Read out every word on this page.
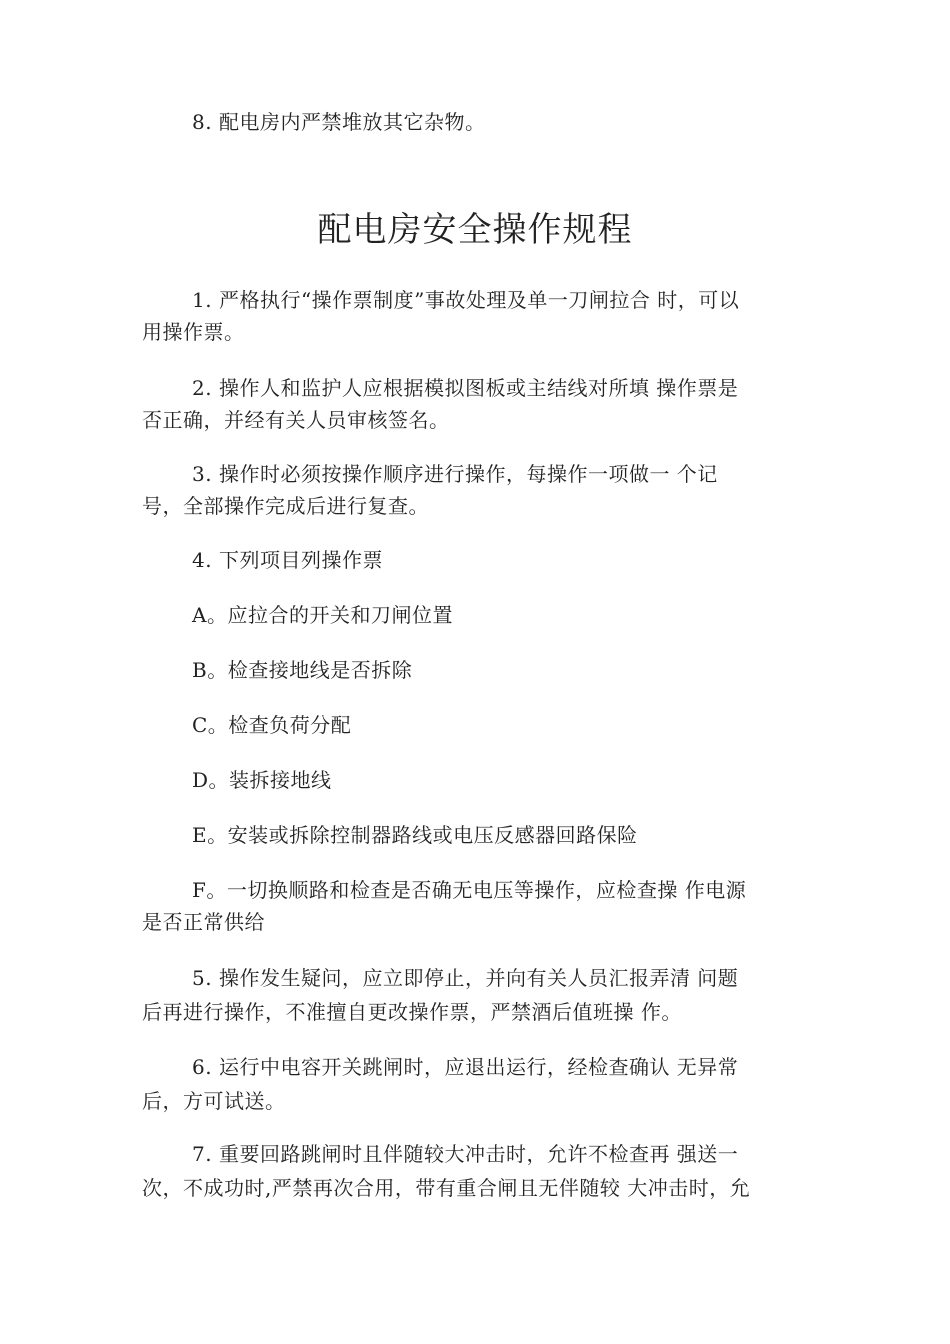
8. 配电房内严禁堆放其它杂物。
配电房安全操作规程
1. 严格执行“操作票制度”事故处理及单一刀闸拉合 时，可以
用操作票。
2. 操作人和监护人应根据模拟图板或主结线对所填 操作票是
否正确，并经有关人员审核签名。
3. 操作时必须按操作顺序进行操作，每操作一项做一 个记
号，全部操作完成后进行复查。
4. 下列项目列操作票
A。应拉合的开关和刀闸位置
B。检查接地线是否拆除
C。检查负荷分配
D。装拆接地线
E。安装或拆除控制器路线或电压反感器回路保险
F。一切换顺路和检查是否确无电压等操作，应检查操 作电源
是否正常供给
5. 操作发生疑问，应立即停止，并向有关人员汇报弄清 问题
后再进行操作，不准擅自更改操作票，严禁酒后值班操 作。
6. 运行中电容开关跳闸时，应退出运行，经检查确认 无异常
后，方可试送。
7. 重要回路跳闸时且伴随较大冲击时，允许不检查再 强送一
次，不成功时,严禁再次合用，带有重合闸且无伴随较 大冲击时，允
